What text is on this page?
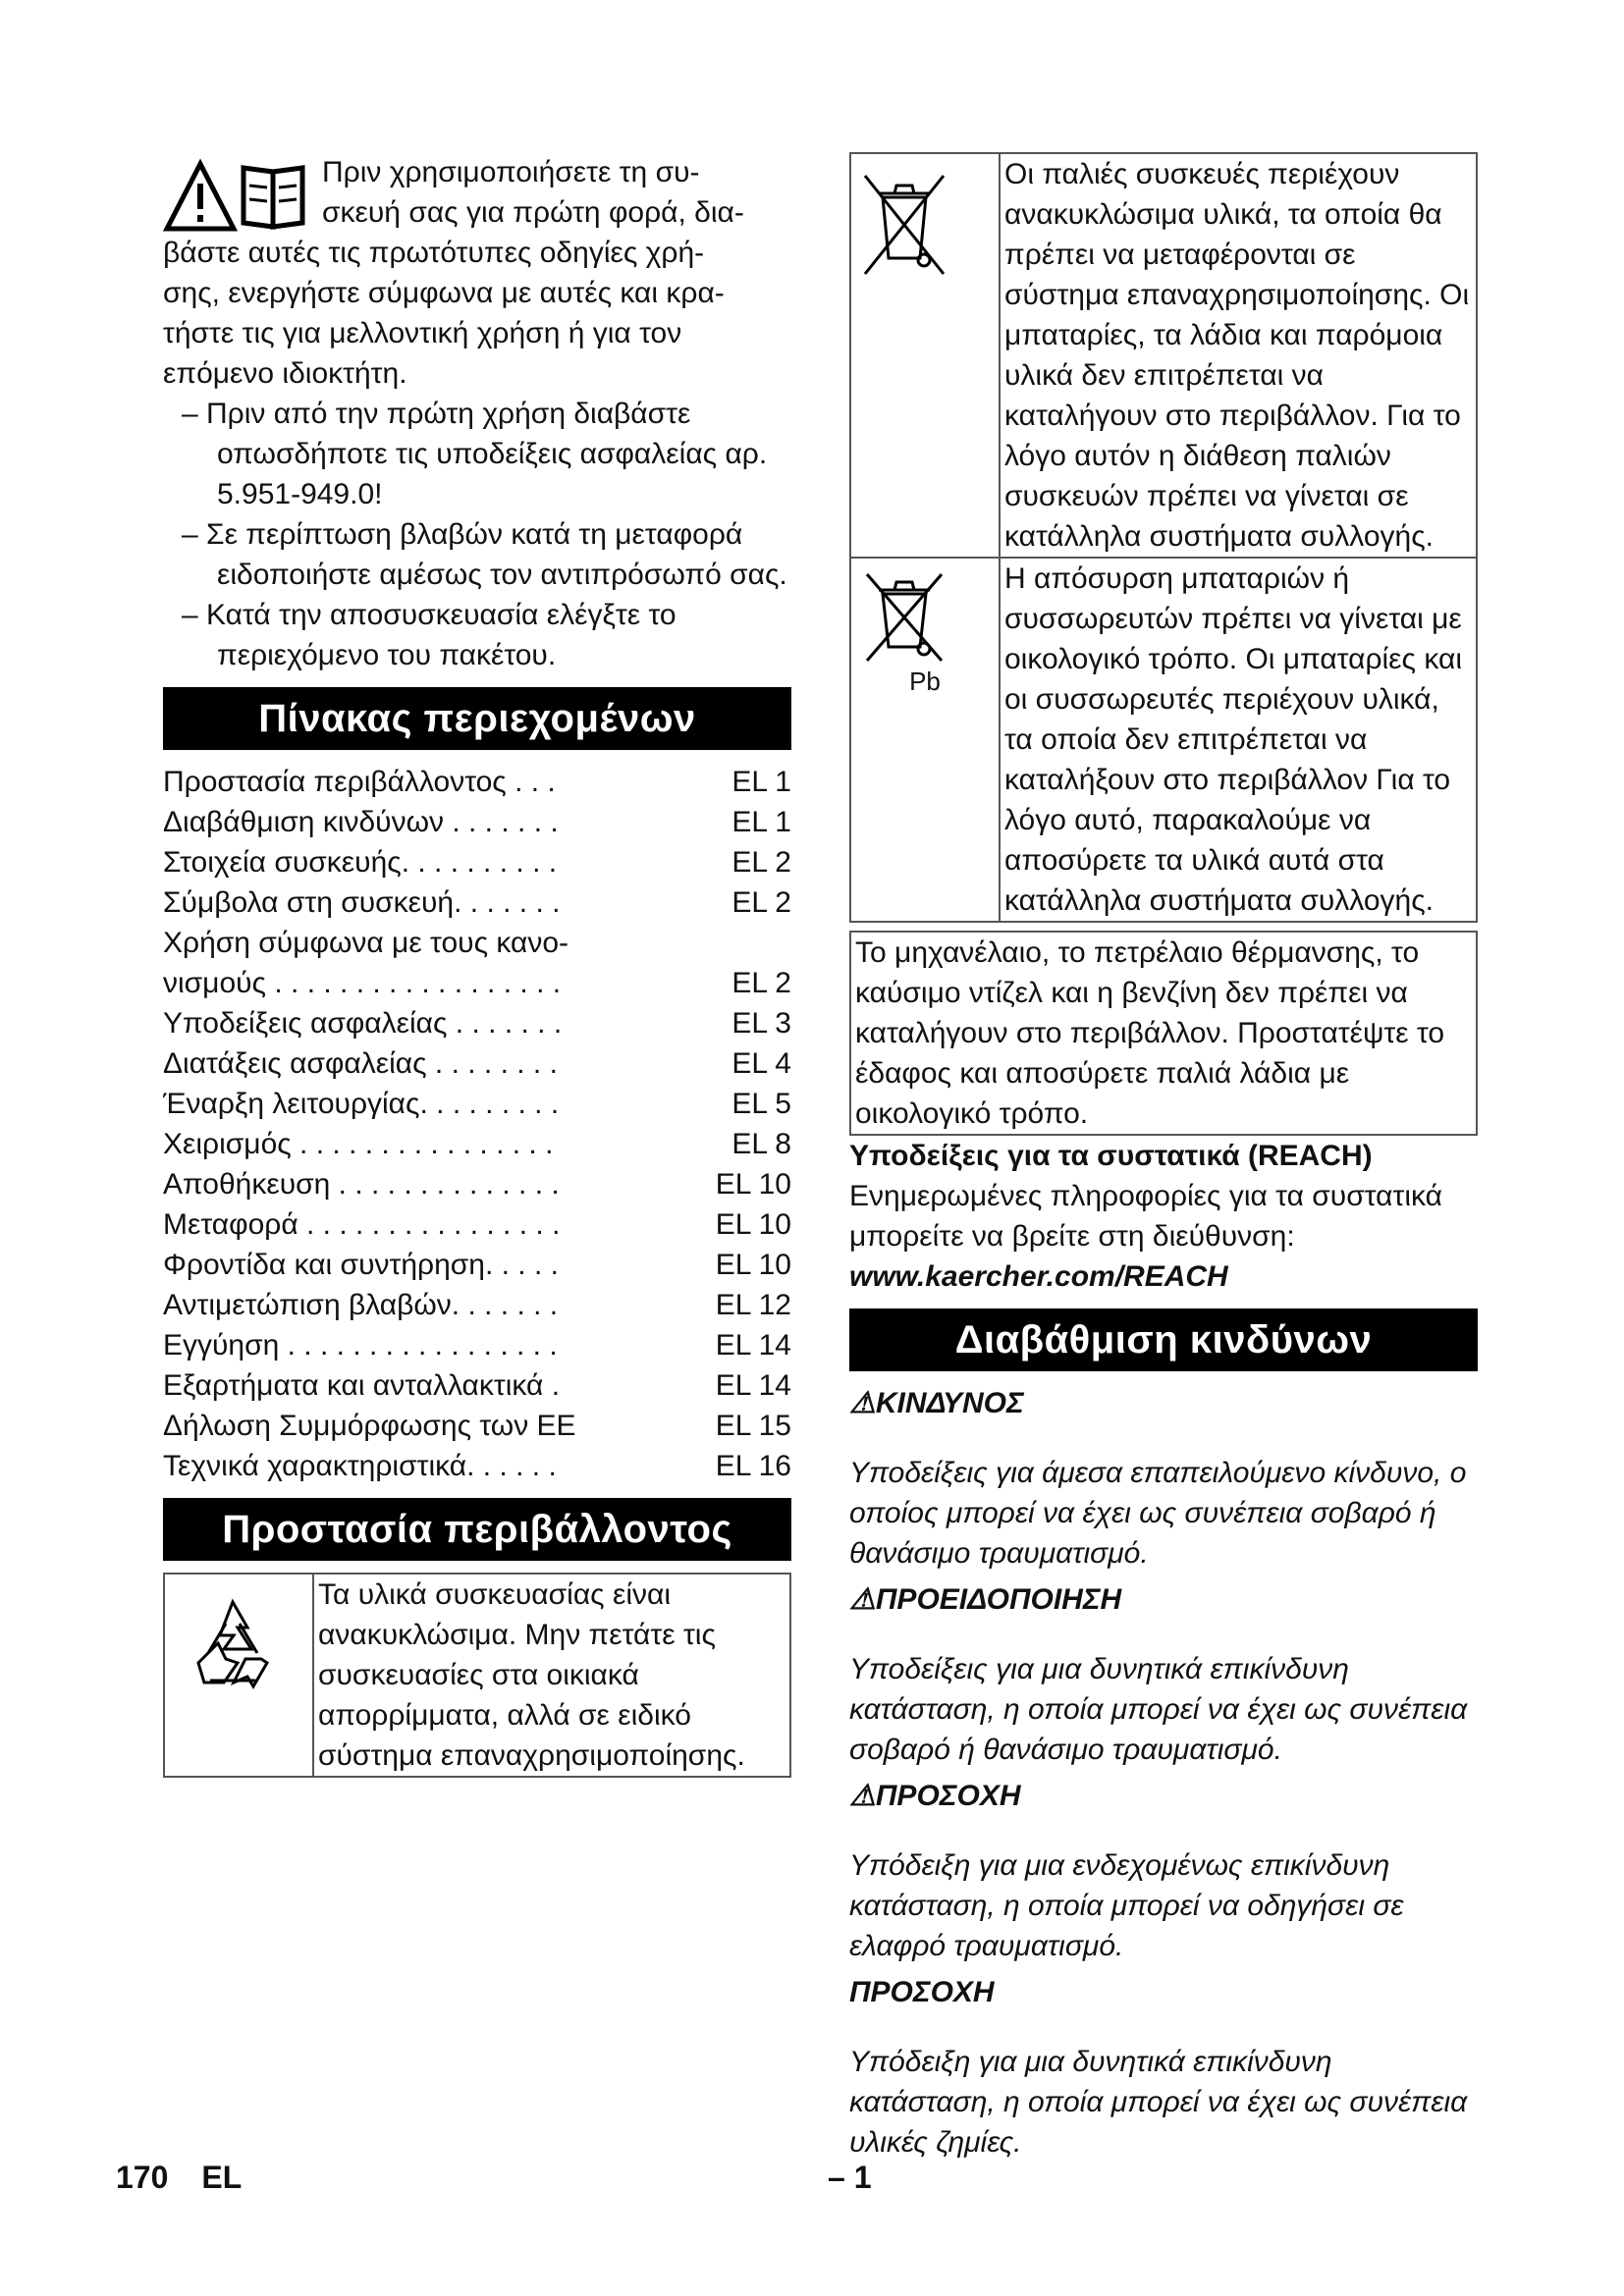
Πριν χρησιμοποιήσετε τη συ-

σκευή σας για πρώτη φορά, δια-

βάστε αυτές τις πρωτότυπες οδηγίες χρή-

σης, ενεργήστε σύμφωνα με αυτές και κρα-

τήστε τις για μελλοντική χρήση ή για τον

επόμενο ιδιοκτήτη.

– Πριν από την πρώτη χρήση διαβάστε οπωσδήποτε τις υποδείξεις ασφαλείας αρ. 5.951-949.0!

– Σε περίπτωση βλαβών κατά τη μεταφορά ειδοποιήστε αμέσως τον αντιπρόσωπό σας.

– Κατά την αποσυσκευασία ελέγξτε το περιεχόμενο του πακέτου.

Πίνακας περιεχομένων
Προστασία περιβάλλοντος . . .	EL 1
Διαβάθμιση κινδύνων . . . . . . .	EL 1
Στοιχεία συσκευής. . . . . . . . . .	EL 2
Σύμβολα στη συσκευή. . . . . . .	EL 2
Χρήση σύμφωνα με τους κανο-
νισμούς . . . . . . . . . . . . . . . . . .	EL 2
Υποδείξεις ασφαλείας . . . . . . .	EL 3
Διατάξεις ασφαλείας . . . . . . . .	EL 4
Έναρξη λειτουργίας. . . . . . . . .	EL 5
Χειρισμός . . . . . . . . . . . . . . . .	EL 8
Αποθήκευση . . . . . . . . . . . . . .	EL 10
Μεταφορά . . . . . . . . . . . . . . . .	EL 10
Φροντίδα και συντήρηση. . . . .	EL 10
Αντιμετώπιση βλαβών. . . . . . .	EL 12
Εγγύηση . . . . . . . . . . . . . . . . .	EL 14
Εξαρτήματα και ανταλλακτικά .	EL 14
Δήλωση Συμμόρφωσης των ΕΕ	EL 15
Τεχνικά χαρακτηριστικά. . . . . .	EL 16
Προστασία περιβάλλοντος
	Τα υλικά συσκευασίας είναι ανακυκλώσιμα. Μην πετάτε τις συσκευασίες στα οικιακά απορρίμματα, αλλά σε ειδικό σύστημα επαναχρησιμοποίησης.
	Οι παλιές συσκευές περιέχουν ανακυκλώσιμα υλικά, τα οποία θα πρέπει να μεταφέρονται σε σύστημα επαναχρησιμοποίησης. Οι μπαταρίες, τα λάδια και παρόμοια υλικά δεν επιτρέπεται να καταλήγουν στο περιβάλλον. Για το λόγο αυτόν η διάθεση παλιών συσκευών πρέπει να γίνεται σε κατάλληλα συστήματα συλλογής.

Pb	Η απόσυρση μπαταριών ή συσσωρευτών πρέπει να γίνεται με οικολογικό τρόπο. Οι μπαταρίες και οι συσσωρευτές περιέχουν υλικά, τα οποία δεν επιτρέπεται να καταλήξουν στο περιβάλλον Για το λόγο αυτό, παρακαλούμε να αποσύρετε τα υλικά αυτά στα κατάλληλα συστήματα συλλογής.
Το μηχανέλαιο, το πετρέλαιο θέρμανσης, το καύσιμο ντίζελ και η βενζίνη δεν πρέπει να καταλήγουν στο περιβάλλον. Προστατέψτε το έδαφος και αποσύρετε παλιά λάδια με οικολογικό τρόπο.

Υποδείξεις για τα συστατικά (REACH)

Ενημερωμένες πληροφορίες για τα συστατικά μπορείτε να βρείτε στη διεύθυνση:

www.kaercher.com/REACH

Διαβάθμιση κινδύνων

⚠ΚΙΝΔΥΝΟΣ

Υποδείξεις για άμεσα επαπειλούμενο κίνδυνο, ο οποίος μπορεί να έχει ως συνέπεια σοβαρό ή θανάσιμο τραυματισμό.

⚠ΠΡΟΕΙΔΟΠΟΙΗΣΗ

Υποδείξεις για μια δυνητικά επικίνδυνη κατάσταση, η οποία μπορεί να έχει ως συνέπεια σοβαρό ή θανάσιμο τραυματισμό.

⚠ΠΡΟΣΟΧΗ

Υπόδειξη για μια ενδεχομένως επικίνδυνη κατάσταση, η οποία μπορεί να οδηγήσει σε ελαφρό τραυματισμό.

ΠΡΟΣΟΧΗ

Υπόδειξη για μια δυνητικά επικίνδυνη κατάσταση, η οποία μπορεί να έχει ως συνέπεια υλικές ζημίες.

170 EL	– 1
